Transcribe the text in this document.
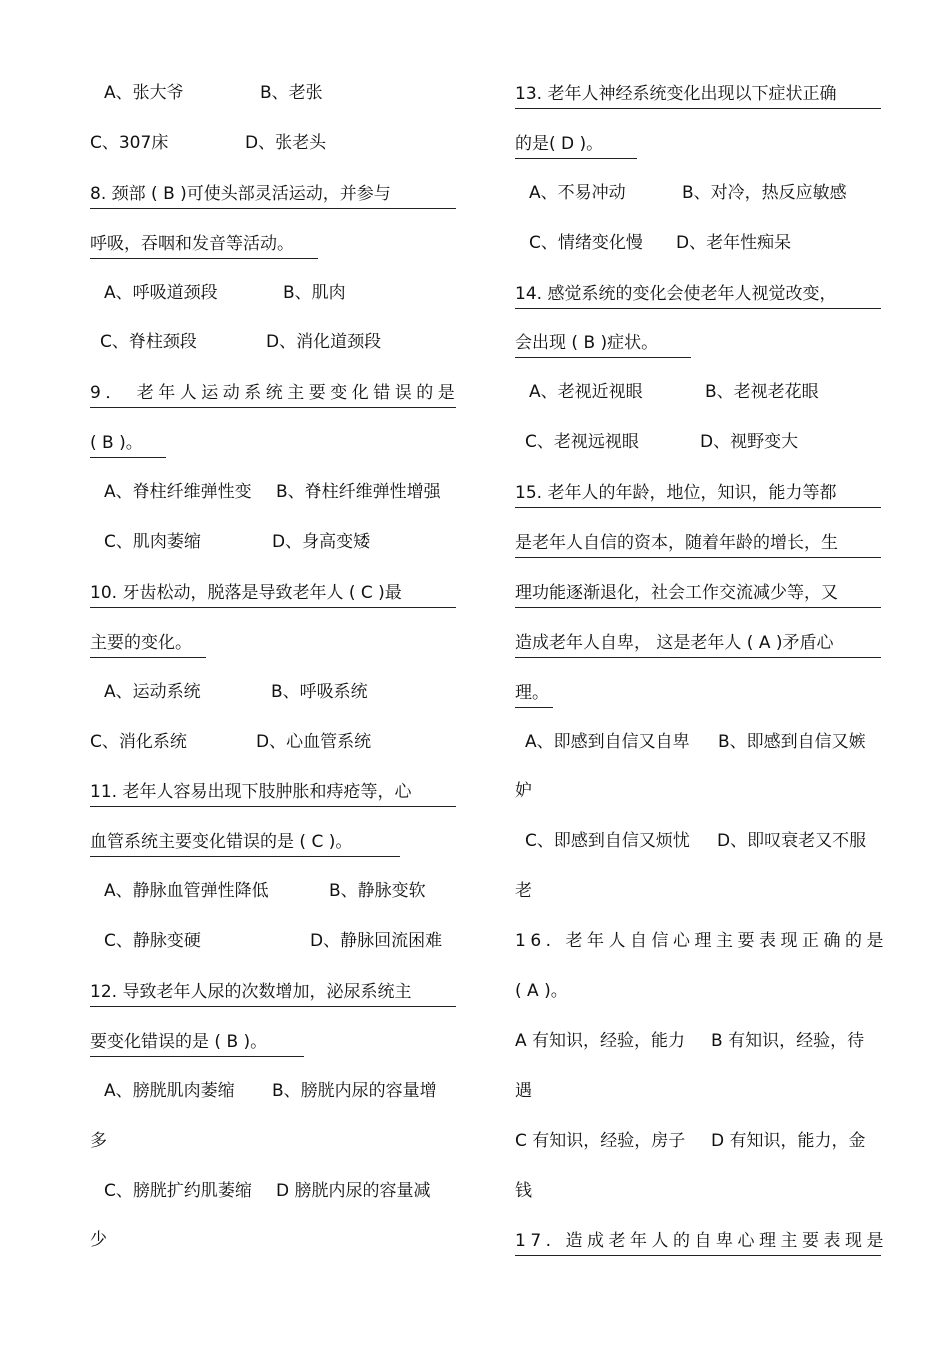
A、张大爷	B、老张
C、307床	D、张老头
8. 颈部 ( B )可使头部灵活运动，并参与
呼吸，吞咽和发音等活动。
A、呼吸道颈段	B、肌肉
C、脊柱颈段	D、消化道颈段
9． 老年人运动系统主要变化错误的是
( B )。
A、脊柱纤维弹性变 B、脊柱纤维弹性增强
C、肌肉萎缩	D、身高变矮
10. 牙齿松动，脱落是导致老年人 ( C )最
主要的变化。
A、运动系统	B、呼吸系统
C、消化系统	D、心血管系统
11. 老年人容易出现下肢肿胀和痔疮等，心
血管系统主要变化错误的是 ( C )。
A、静脉血管弹性降低	B、静脉变软
C、静脉变硬	D、静脉回流困难
12. 导致老年人尿的次数增加，泌尿系统主
要变化错误的是 ( B )。
A、膀胱肌肉萎缩 B、膀胱内尿的容量增
多
C、膀胱扩约肌萎缩 D 膀胱内尿的容量减
少
13. 老年人神经系统变化出现以下症状正确
的是( D )。
A、不易冲动	B、对冷，热反应敏感
C、情绪变化慢 D、老年性痴呆
14. 感觉系统的变化会使老年人视觉改变，
会出现 ( B )症状。
A、老视近视眼	B、老视老花眼
C、老视远视眼	D、视野变大
15. 老年人的年龄，地位，知识，能力等都
是老年人自信的资本，随着年龄的增长，生
理功能逐渐退化，社会工作交流减少等，又
造成老年人自卑， 这是老年人 ( A )矛盾心
理。
A、即感到自信又自卑 B、即感到自信又嫉
妒
C、即感到自信又烦忧 D、即叹衰老又不服
老
16. 老年人自信心理主要表现正确的是
( A )。
A 有知识，经验，能力 B 有知识，经验，待
遇
C 有知识，经验，房子 D 有知识，能力，金
钱
17. 造成老年人的自卑心理主要表现是
